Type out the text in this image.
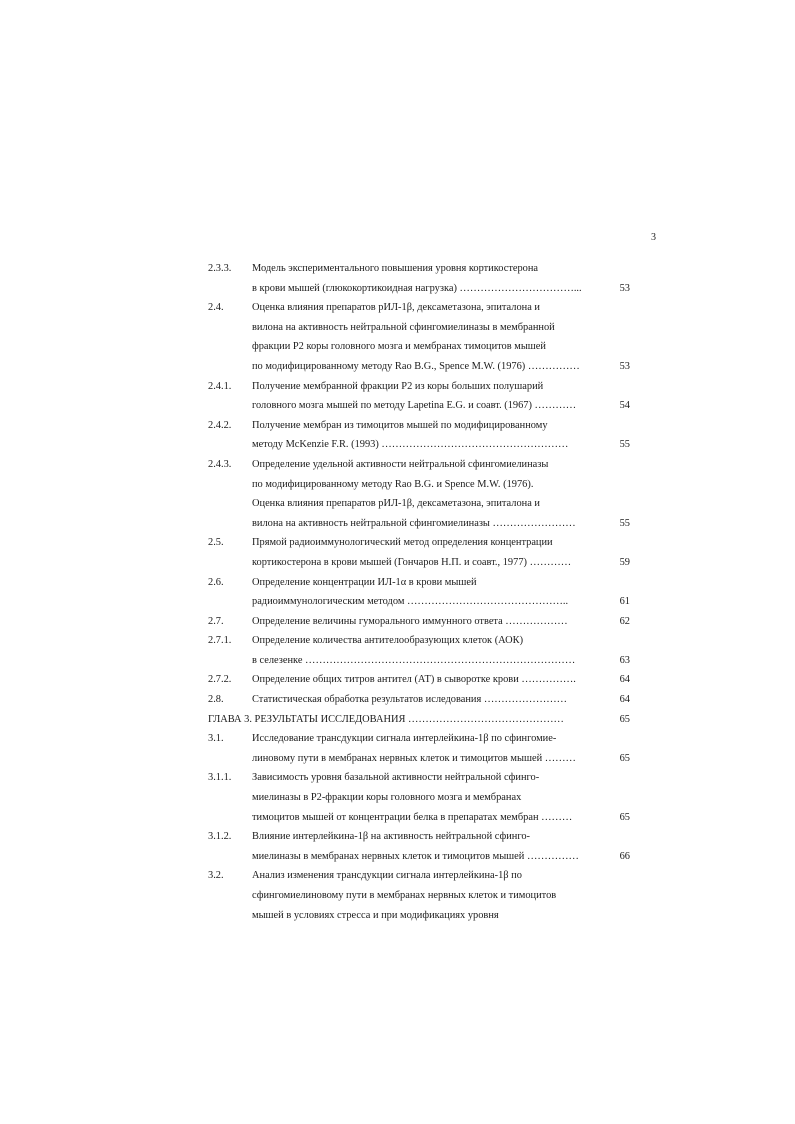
3
2.3.3.	Модель экспериментального повышения уровня кортикостерона
в крови мышей (глюкокортикоидная нагрузка) ……………………………...	53
2.4.	Оценка влияния препаратов рИЛ-1β, дексаметазона, эпиталона и
вилона на активность нейтральной сфингомиелиназы в мембранной
фракции Р2 коры головного мозга и мембранах тимоцитов мышей
по модифицированному методу Rao B.G., Spence M.W. (1976) ……………	53
2.4.1.	Получение мембранной фракции Р2 из коры больших полушарий
головного мозга мышей по методу Lapetina E.G. и соавт. (1967) …………	54
2.4.2.	Получение мембран из тимоцитов мышей по модифицированному
методу McKenzie F.R. (1993) ………………………………………………	55
2.4.3.	Определение удельной активности нейтральной сфингомиелиназы
по модифицированному методу Rao B.G. и Spence M.W. (1976).
Оценка влияния препаратов рИЛ-1β, дексаметазона, эпиталона и
вилона на активность нейтральной сфингомиелиназы ……………………	55
2.5.	Прямой радиоиммунологический метод определения концентрации
кортикостерона в крови мышей (Гончаров Н.П. и соавт., 1977) …………	59
2.6.	Определение концентрации ИЛ-1α в крови мышей
радиоиммунологическим методом ………………………………………..	61
2.7.	Определение величины гуморального иммунного ответа ………………	62
2.7.1.	Определение количества антителообразующих клеток (АОК)
в селезенке ……………………………………………………………………	63
2.7.2.	Определение общих титров антител (АТ) в сыворотке крови …………….	64
2.8.	Статистическая обработка результатов иследования ……………………	64
ГЛАВА 3. РЕЗУЛЬТАТЫ ИССЛЕДОВАНИЯ ………………………………………	65
3.1.	Исследование трансдукции сигнала интерлейкина-1β по сфингомие-
линовому пути в мембранах нервных клеток и тимоцитов мышей ………	65
3.1.1.	Зависимость уровня базальной активности нейтральной сфинго-
миелиназы в Р2-фракции коры головного мозга и мембранах
тимоцитов мышей от концентрации белка в препаратах мембран ………	65
3.1.2.	Влияние интерлейкина-1β на активность нейтральной сфинго-
миелиназы в мембранах нервных клеток и тимоцитов мышей ……………	66
3.2.	Анализ изменения трансдукции сигнала интерлейкина-1β по
сфингомиелиновому пути в мембранах нервных клеток и тимоцитов
мышей в условиях стресса и при модификациях уровня
